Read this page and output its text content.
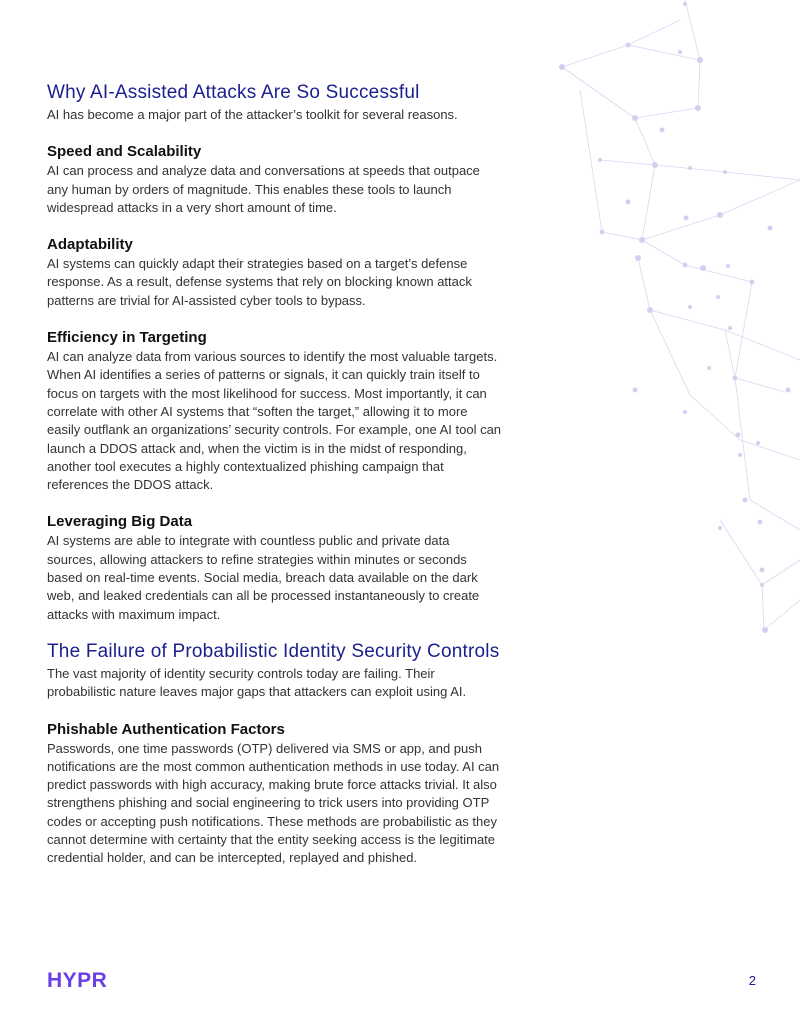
Why AI-Assisted Attacks Are So Successful

AI has become a major part of the attacker’s toolkit for several reasons.

Speed and Scalability

AI can process and analyze data and conversations at speeds that outpace any human by orders of magnitude. This enables these tools to launch widespread attacks in a very short amount of time.

Adaptability

AI systems can quickly adapt their strategies based on a target’s defense response. As a result, defense systems that rely on blocking known attack patterns are trivial for AI-assisted cyber tools to bypass.

Efficiency in Targeting

AI can analyze data from various sources to identify the most valuable targets. When AI identifies a series of patterns or signals, it can quickly train itself to focus on targets with the most likelihood for success. Most importantly, it can correlate with other AI systems that “soften the target,” allowing it to more easily outflank an organizations’ security controls. For example, one AI tool can launch a DDOS attack and, when the victim is in the midst of responding, another tool executes a highly contextualized phishing campaign that references the DDOS attack.

Leveraging Big Data

AI systems are able to integrate with countless public and private data sources, allowing attackers to refine strategies within minutes or seconds based on real-time events. Social media, breach data available on the dark web, and leaked credentials can all be processed instantaneously to create attacks with maximum impact.

The Failure of Probabilistic Identity Security Controls

The vast majority of identity security controls today are failing. Their probabilistic nature leaves major gaps that attackers can exploit using AI.

Phishable Authentication Factors

Passwords, one time passwords (OTP) delivered via SMS or app, and push notifications are the most common authentication methods in use today. AI can predict passwords with high accuracy, making brute force attacks trivial. It also strengthens phishing and social engineering to trick users into providing OTP codes or accepting push notifications. These methods are probabilistic as they cannot determine with certainty that the entity seeking access is the legitimate credential holder, and can be intercepted, replayed and phished.

HYPR	2
